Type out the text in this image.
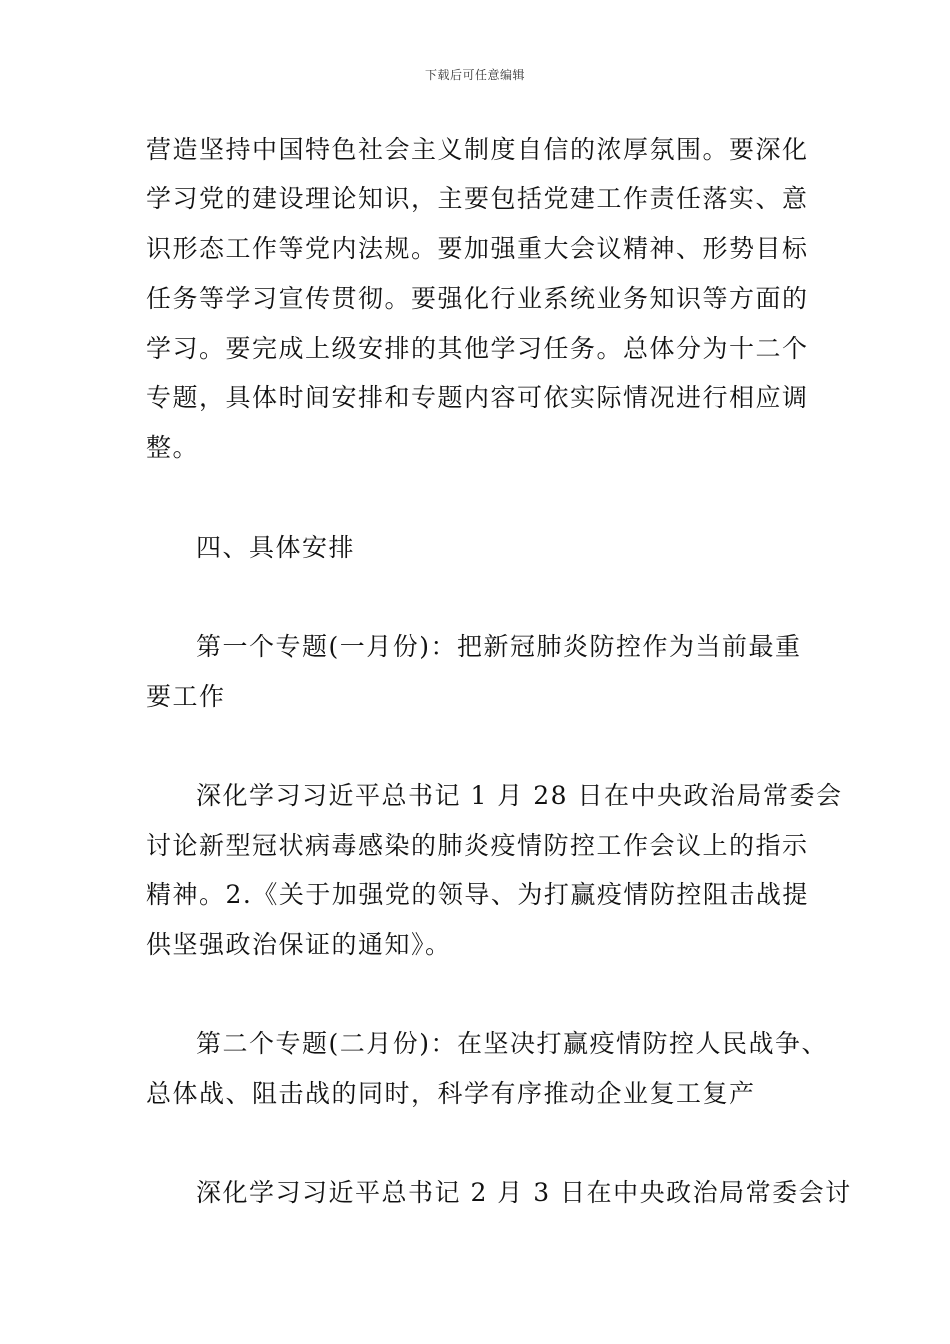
下载后可任意编辑
营造坚持中国特色社会主义制度自信的浓厚氛围。要深化
学习党的建设理论知识，主要包括党建工作责任落实、意
识形态工作等党内法规。要加强重大会议精神、形势目标
任务等学习宣传贯彻。要强化行业系统业务知识等方面的
学习。要完成上级安排的其他学习任务。总体分为十二个
专题，具体时间安排和专题内容可依实际情况进行相应调
整。
四、具体安排
第一个专题(一月份)：把新冠肺炎防控作为当前最重
要工作
深化学习习近平总书记 1 月 28 日在中央政治局常委会
讨论新型冠状病毒感染的肺炎疫情防控工作会议上的指示
精神。2.《关于加强党的领导、为打赢疫情防控阻击战提
供坚强政治保证的通知》。
第二个专题(二月份)：在坚决打赢疫情防控人民战争、
总体战、阻击战的同时，科学有序推动企业复工复产
深化学习习近平总书记 2 月 3 日在中央政治局常委会讨
